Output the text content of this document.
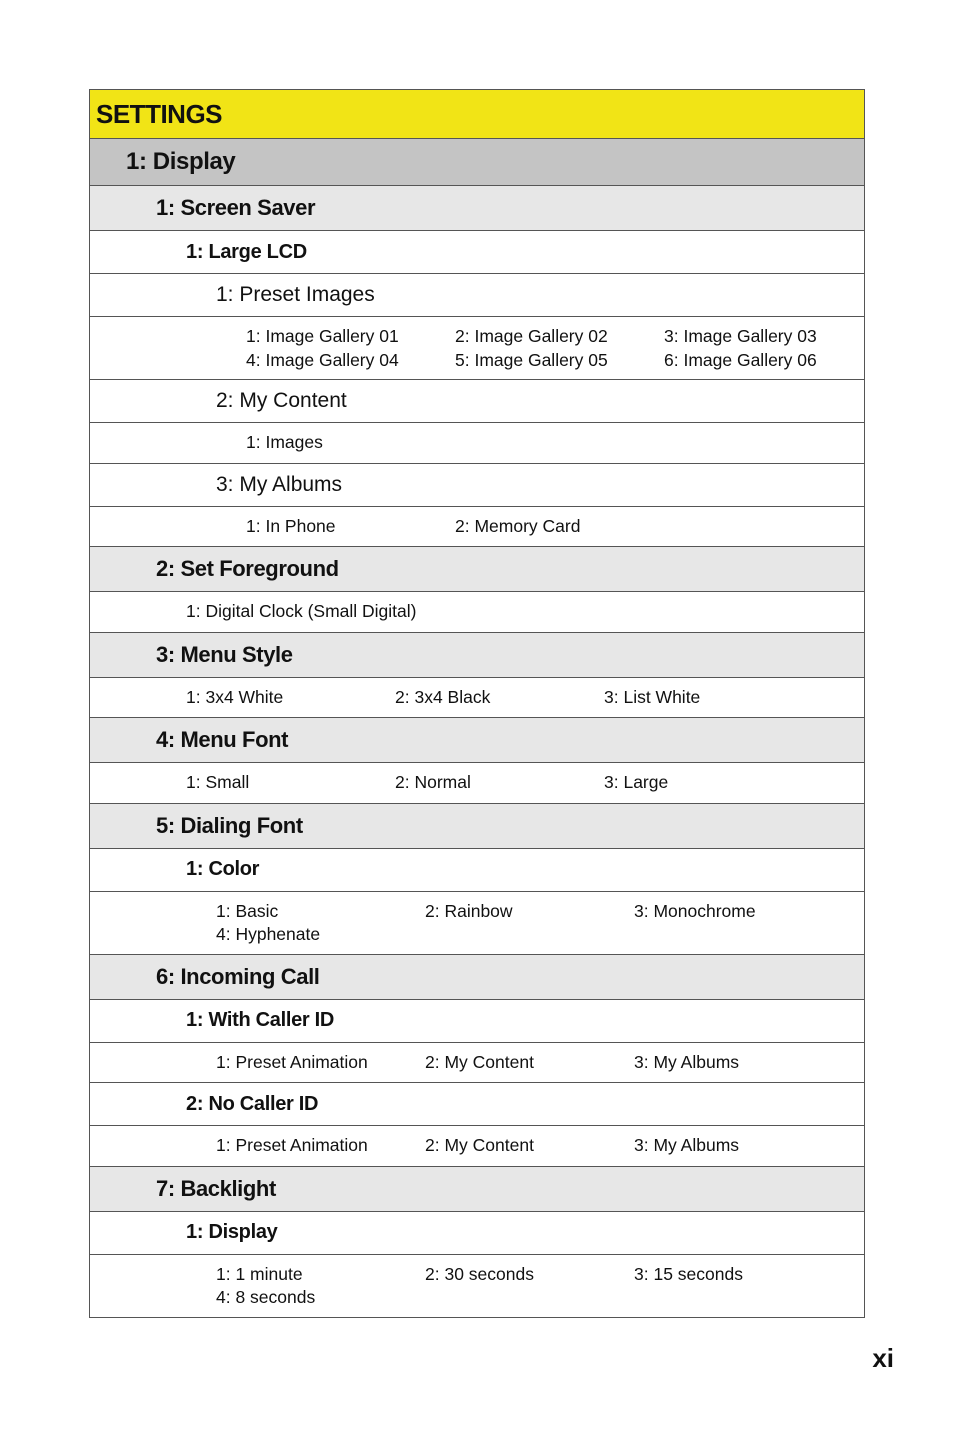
SETTINGS
1: Display
1: Screen Saver
1: Large LCD
1: Preset Images
1: Image Gallery 01	2: Image Gallery 02	3: Image Gallery 03
4: Image Gallery 04	5: Image Gallery 05	6: Image Gallery 06
2: My Content
1: Images
3: My Albums
1: In Phone	2: Memory Card
2: Set Foreground
1: Digital Clock (Small Digital)
3: Menu Style
1: 3x4 White	2: 3x4 Black	3: List White
4: Menu Font
1: Small	2: Normal	3: Large
5: Dialing Font
1: Color
1: Basic	2: Rainbow	3: Monochrome
4: Hyphenate
6: Incoming Call
1: With Caller ID
1: Preset Animation	2: My Content	3: My Albums
2: No Caller ID
1: Preset Animation	2: My Content	3: My Albums
7: Backlight
1: Display
1: 1 minute	2: 30 seconds	3: 15 seconds
4: 8 seconds
xi
